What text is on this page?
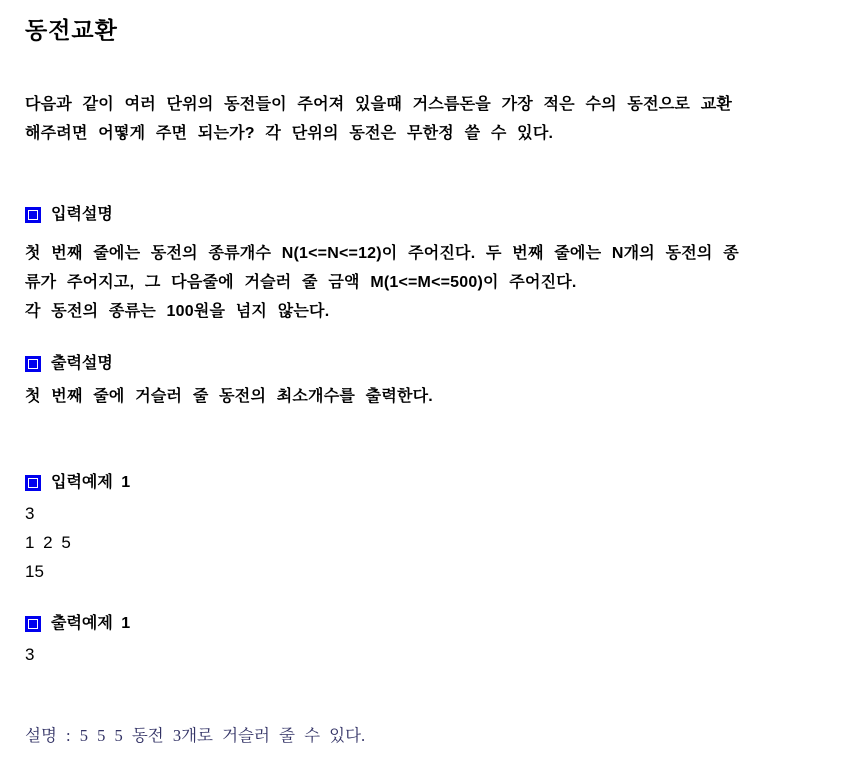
동전교환
다음과 같이 여러 단위의 동전들이 주어져 있을때 거스름돈을 가장 적은 수의 동전으로 교환
해주려면 어떻게 주면 되는가? 각 단위의 동전은 무한정 쓸 수 있다.
입력설명
첫 번째 줄에는 동전의 종류개수 N(1<=N<=12)이 주어진다. 두 번째 줄에는 N개의 동전의 종
류가 주어지고, 그 다음줄에 거슬러 줄 금액 M(1<=M<=500)이 주어진다.
각 동전의 종류는 100원을 넘지 않는다.
출력설명
첫 번째 줄에 거슬러 줄 동전의 최소개수를 출력한다.
입력예제 1
3
1 2 5
15
출력예제 1
3
설명 : 5 5 5 동전 3개로 거슬러 줄 수 있다.
